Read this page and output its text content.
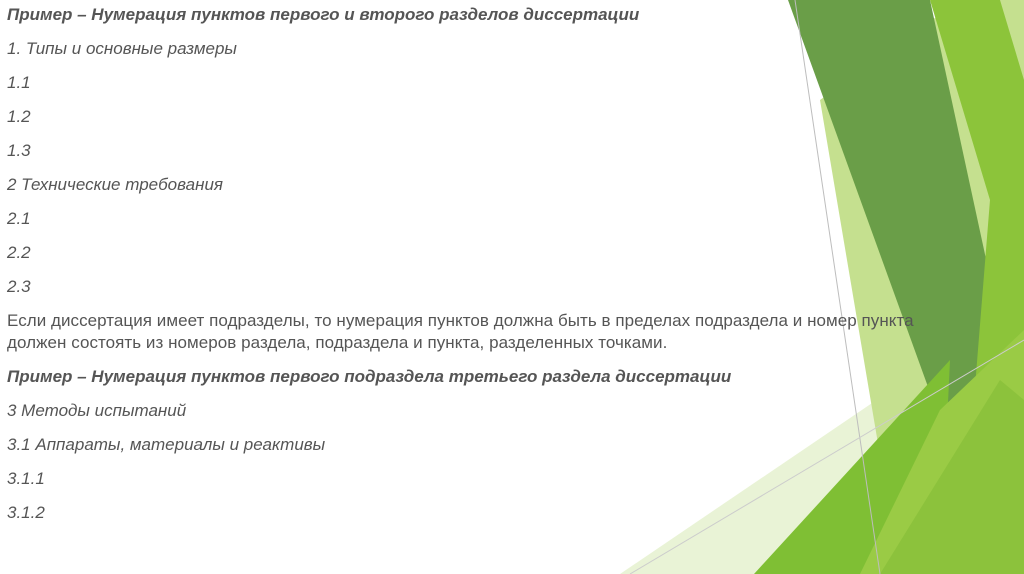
Пример – Нумерация пунктов первого и второго разделов диссертации

1. Типы и основные размеры

1.1

1.2

1.3

2 Технические требования

2.1

2.2

2.3

Если диссертация имеет подразделы, то нумерация пунктов должна быть в пределах подраздела и номер пункта должен состоять из номеров раздела, подраздела и пункта, разделенных точками.

Пример – Нумерация пунктов первого подраздела третьего раздела диссертации

3 Методы испытаний

3.1 Аппараты, материалы и реактивы

3.1.1

3.1.2
